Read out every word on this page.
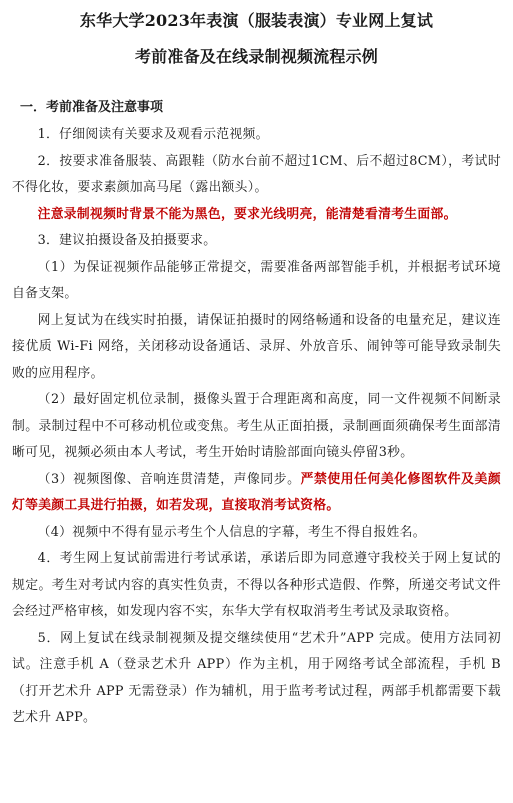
东华大学2023年表演（服装表演）专业网上复试
考前准备及在线录制视频流程示例
一．考前准备及注意事项

1．仔细阅读有关要求及观看示范视频。

2．按要求准备服装、高跟鞋（防水台前不超过1CM、后不超过8CM），考试时不得化妆，要求素颜加高马尾（露出额头）。

注意录制视频时背景不能为黑色，要求光线明亮，能清楚看清考生面部。

3．建议拍摄设备及拍摄要求。

（1）为保证视频作品能够正常提交，需要准备两部智能手机，并根据考试环境自备支架。

网上复试为在线实时拍摄，请保证拍摄时的网络畅通和设备的电量充足，建议连接优质 Wi-Fi 网络，关闭移动设备通话、录屏、外放音乐、闹钟等可能导致录制失败的应用程序。

（2）最好固定机位录制，摄像头置于合理距离和高度，同一文件视频不间断录制。录制过程中不可移动机位或变焦。考生从正面拍摄，录制画面须确保考生面部清晰可见，视频必须由本人考试，考生开始时请脸部面向镜头停留3秒。

（3）视频图像、音响连贯清楚，声像同步。严禁使用任何美化修图软件及美颜灯等美颜工具进行拍摄，如若发现，直接取消考试资格。

（4）视频中不得有显示考生个人信息的字幕，考生不得自报姓名。

4．考生网上复试前需进行考试承诺，承诺后即为同意遵守我校关于网上复试的规定。考生对考试内容的真实性负责，不得以各种形式造假、作弊，所递交考试文件会经过严格审核，如发现内容不实，东华大学有权取消考生考试及录取资格。

5．网上复试在线录制视频及提交继续使用“艺术升”APP 完成。使用方法同初试。注意手机 A（登录艺术升 APP）作为主机，用于网络考试全部流程，手机 B（打开艺术升 APP 无需登录）作为辅机，用于监考考试过程，两部手机都需要下载艺术升 APP。
